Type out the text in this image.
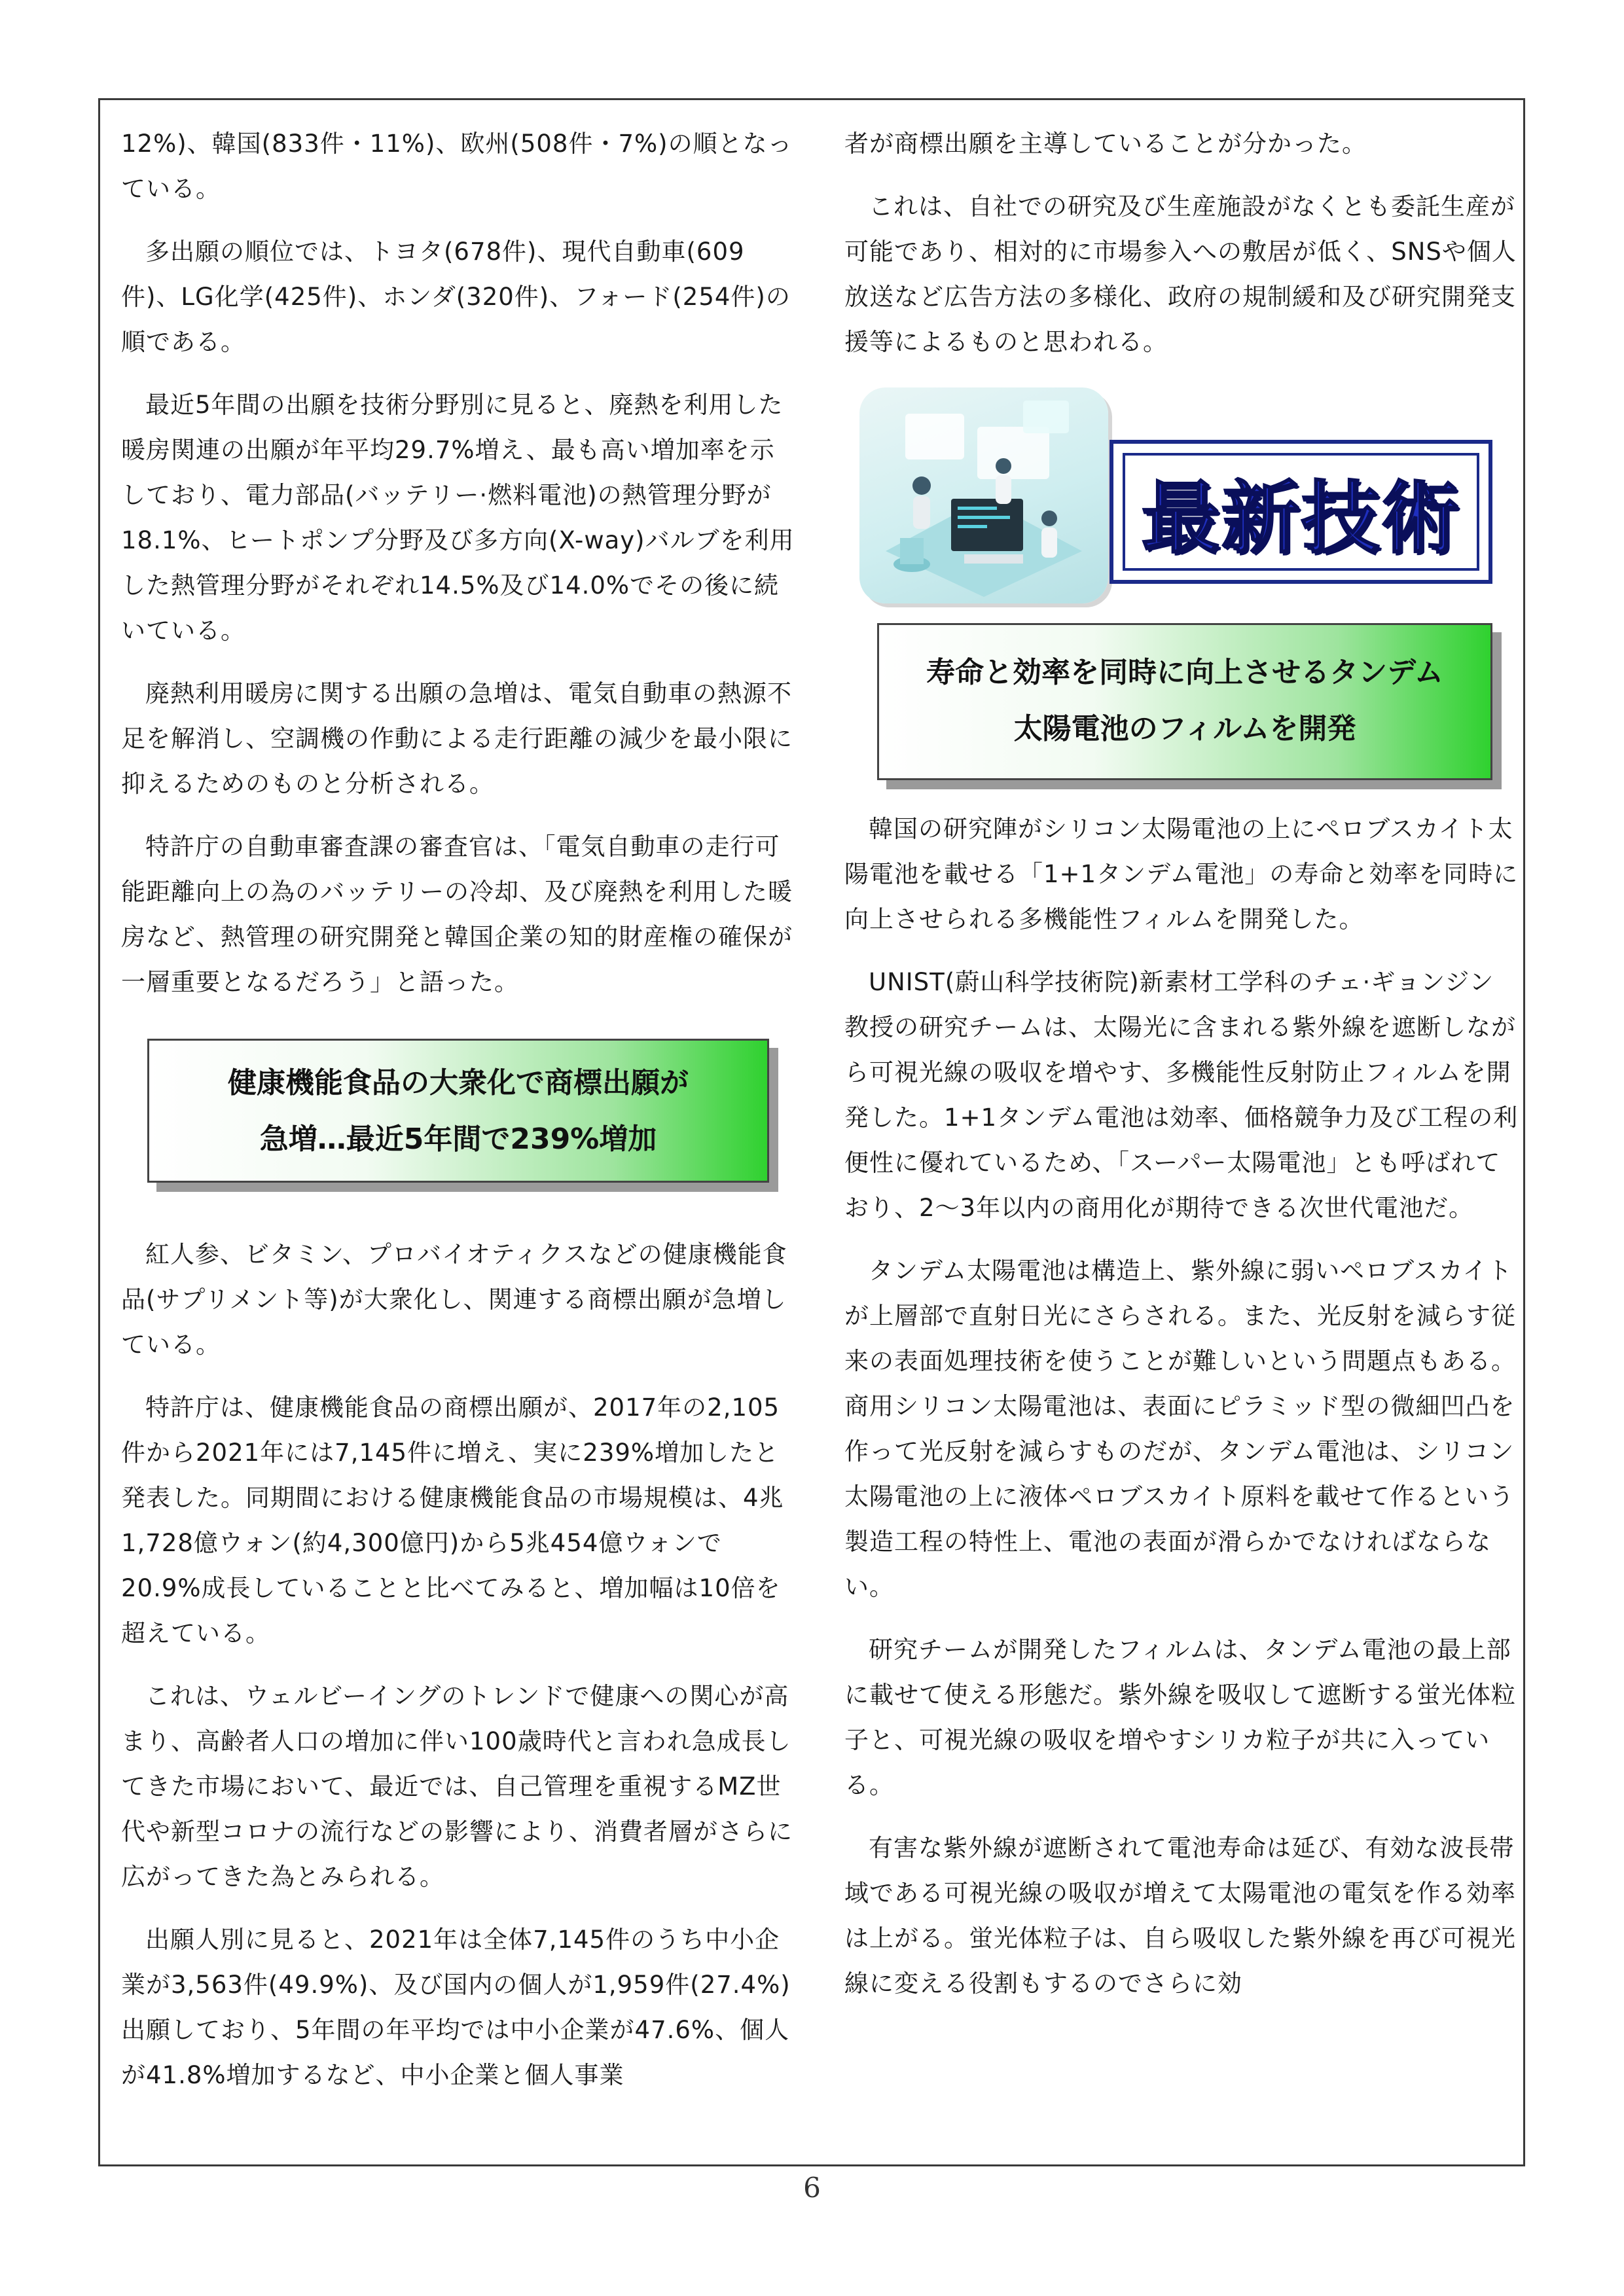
12%)、韓国(833件・11%)、欧州(508件・7%)の順となっている。

多出願の順位では、トヨタ(678件)、現代自動車(609件)、LG化学(425件)、ホンダ(320件)、フォード(254件)の順である。

最近5年間の出願を技術分野別に見ると、廃熱を利用した暖房関連の出願が年平均29.7%増え、最も高い増加率を示しており、電力部品(バッテリー·燃料電池)の熱管理分野が18.1%、ヒートポンプ分野及び多方向(X-way)バルブを利用した熱管理分野がそれぞれ14.5%及び14.0%でその後に続いている。

廃熱利用暖房に関する出願の急増は、電気自動車の熱源不足を解消し、空調機の作動による走行距離の減少を最小限に抑えるためのものと分析される。

特許庁の自動車審査課の審査官は、「電気自動車の走行可能距離向上の為のバッテリーの冷却、及び廃熱を利用した暖房など、熱管理の研究開発と韓国企業の知的財産権の確保が一層重要となるだろう」と語った。

健康機能食品の大衆化で商標出願が
急増…最近5年間で239%増加

紅人参、ビタミン、プロバイオティクスなどの健康機能食品(サプリメント等)が大衆化し、関連する商標出願が急増している。

特許庁は、健康機能食品の商標出願が、2017年の2,105件から2021年には7,145件に増え、実に239%増加したと発表した。同期間における健康機能食品の市場規模は、4兆1,728億ウォン(約4,300億円)から5兆454億ウォンで20.9%成長していることと比べてみると、増加幅は10倍を超えている。

これは、ウェルビーイングのトレンドで健康への関心が高まり、高齢者人口の増加に伴い100歳時代と言われ急成長してきた市場において、最近では、自己管理を重視するMZ世代や新型コロナの流行などの影響により、消費者層がさらに広がってきた為とみられる。

出願人別に見ると、2021年は全体7,145件のうち中小企業が3,563件(49.9%)、及び国内の個人が1,959件(27.4%)出願しており、5年間の年平均では中小企業が47.6%、個人が41.8%増加するなど、中小企業と個人事業

者が商標出願を主導していることが分かった。

これは、自社での研究及び生産施設がなくとも委託生産が可能であり、相対的に市場参入への敷居が低く、SNSや個人放送など広告方法の多様化、政府の規制緩和及び研究開発支援等によるものと思われる。

最新技術
寿命と効率を同時に向上させるタンデム
太陽電池のフィルムを開発

韓国の研究陣がシリコン太陽電池の上にペロブスカイト太陽電池を載せる「1+1タンデム電池」の寿命と効率を同時に向上させられる多機能性フィルムを開発した。

UNIST(蔚山科学技術院)新素材工学科のチェ·ギョンジン教授の研究チームは、太陽光に含まれる紫外線を遮断しながら可視光線の吸収を増やす、多機能性反射防止フィルムを開発した。1+1タンデム電池は効率、価格競争力及び工程の利便性に優れているため、「スーパー太陽電池」とも呼ばれており、2〜3年以内の商用化が期待できる次世代電池だ。

タンデム太陽電池は構造上、紫外線に弱いペロブスカイトが上層部で直射日光にさらされる。また、光反射を減らす従来の表面処理技術を使うことが難しいという問題点もある。商用シリコン太陽電池は、表面にピラミッド型の微細凹凸を作って光反射を減らすものだが、タンデム電池は、シリコン太陽電池の上に液体ペロブスカイト原料を載せて作るという製造工程の特性上、電池の表面が滑らかでなければならない。

研究チームが開発したフィルムは、タンデム電池の最上部に載せて使える形態だ。紫外線を吸収して遮断する蛍光体粒子と、可視光線の吸収を増やすシリカ粒子が共に入っている。

有害な紫外線が遮断されて電池寿命は延び、有効な波長帯域である可視光線の吸収が増えて太陽電池の電気を作る効率は上がる。蛍光体粒子は、自ら吸収した紫外線を再び可視光線に変える役割もするのでさらに効

6
